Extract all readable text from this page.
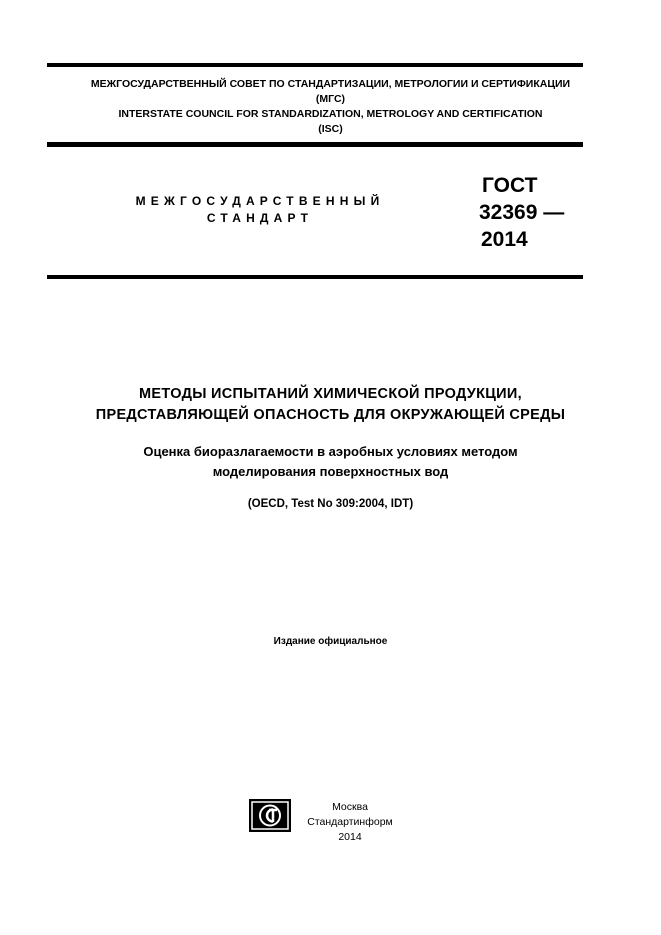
МЕЖГОСУДАРСТВЕННЫЙ СОВЕТ ПО СТАНДАРТИЗАЦИИ, МЕТРОЛОГИИ И СЕРТИФИКАЦИИ
(МГС)
INTERSTATE COUNCIL FOR STANDARDIZATION, METROLOGY AND CERTIFICATION
(ISC)
МЕЖГОСУДАРСТВЕННЫЙ
СТАНДАРТ
ГОСТ
32369 —
2014
МЕТОДЫ ИСПЫТАНИЙ ХИМИЧЕСКОЙ ПРОДУКЦИИ,
ПРЕДСТАВЛЯЮЩЕЙ ОПАСНОСТЬ ДЛЯ ОКРУЖАЮЩЕЙ СРЕДЫ
Оценка биоразлагаемости в аэробных условиях методом
моделирования поверхностных вод
(OECD, Test No 309:2004, IDT)
Издание официальное
Москва
Стандартинформ
2014
